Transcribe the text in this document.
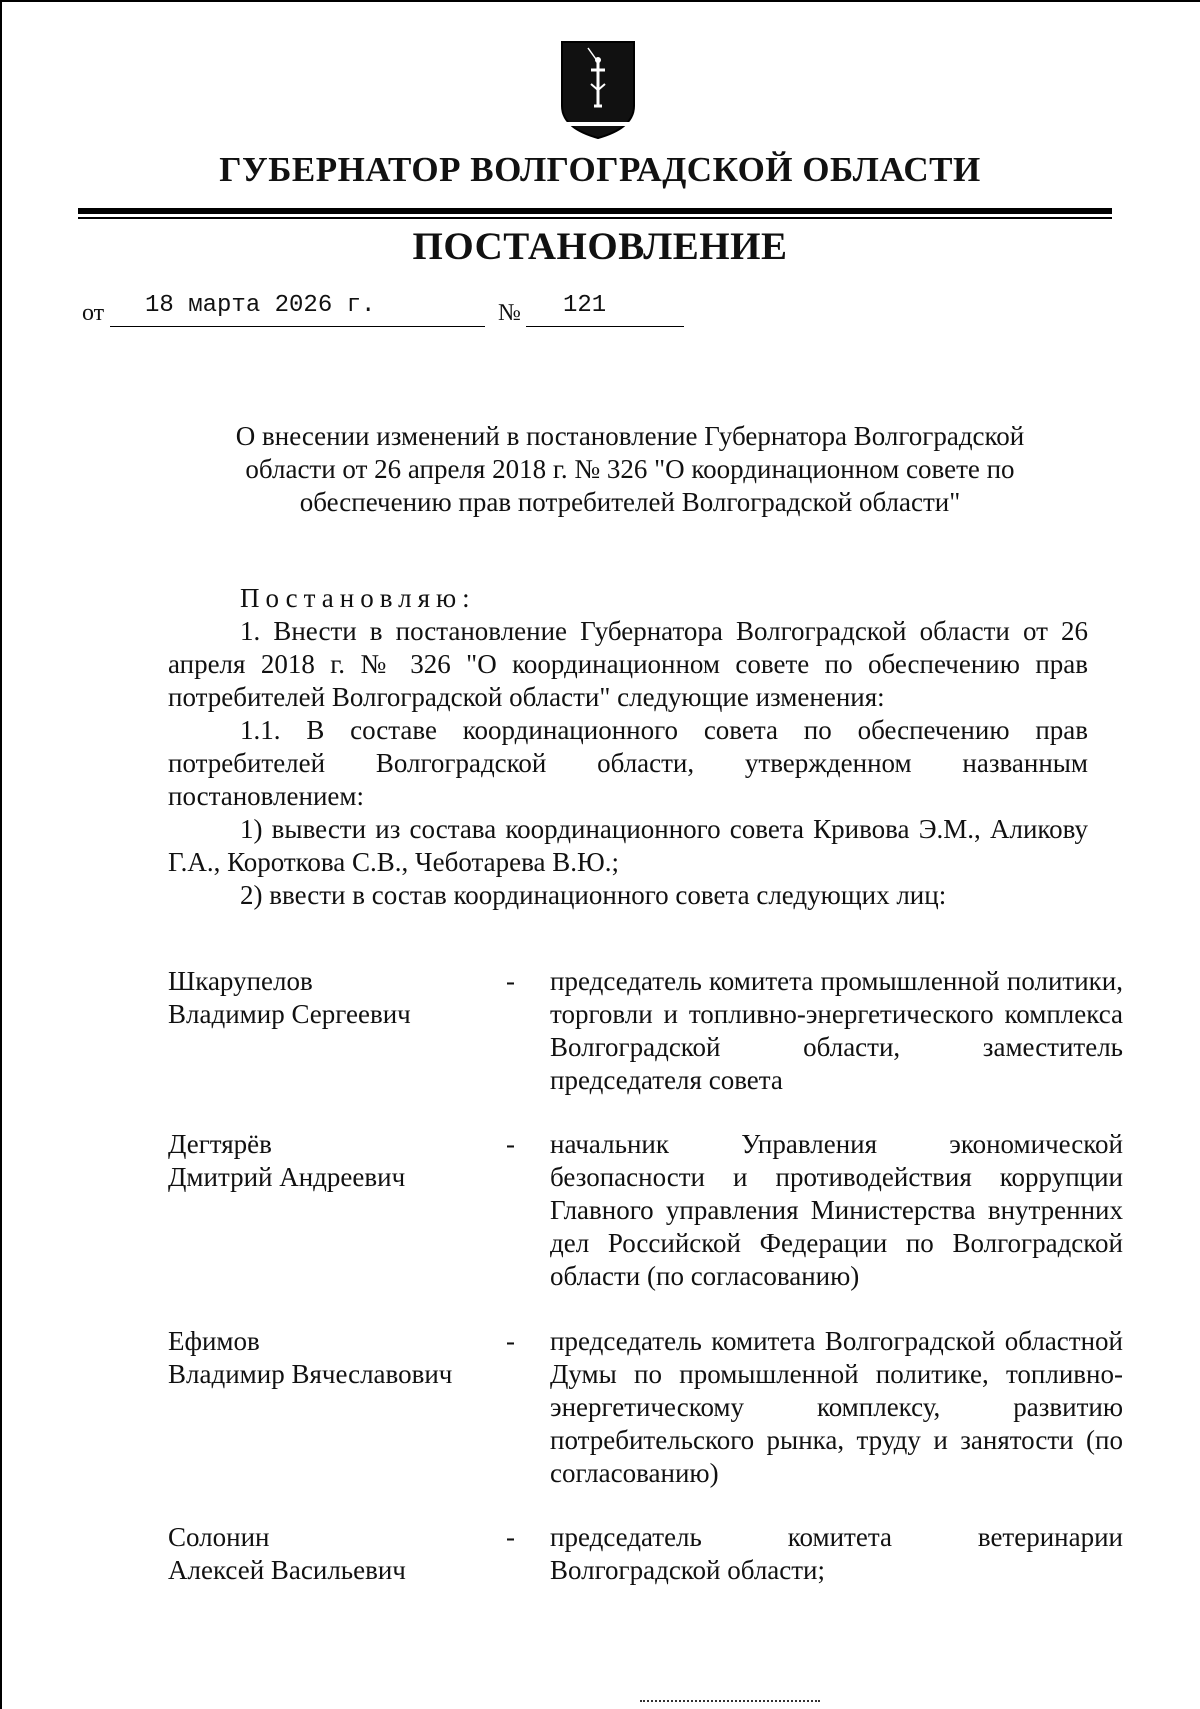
ГУБЕРНАТОР ВОЛГОГРАДСКОЙ ОБЛАСТИ
ПОСТАНОВЛЕНИЕ
от 18 марта 2026 г.	№ 121
О внесении изменений в постановление Губернатора Волгоградской области от 26 апреля 2018 г. № 326 "О координационном совете по обеспечению прав потребителей Волгоградской области"

Постановляю:

1. Внести в постановление Губернатора Волгоградской области от 26 апреля 2018 г. № 326 "О координационном совете по обеспечению прав потребителей Волгоградской области" следующие изменения:

1.1. В составе координационного совета по обеспечению прав потребителей Волгоградской области, утвержденном названным постановлением:

1) вывести из состава координационного совета Кривова Э.М., Аликову Г.А., Короткова С.В., Чеботарева В.Ю.;

2) ввести в состав координационного совета следующих лиц:

Шкарупелов
Владимир Сергеевич
- председатель комитета промышленной политики, торговли и топливно-энергетического комплекса Волгоградской области, заместитель председателя совета
Дегтярёв
Дмитрий Андреевич
- начальник Управления экономической безопасности и противодействия коррупции Главного управления Министерства внутренних дел Российской Федерации по Волгоградской области (по согласованию)
Ефимов
Владимир Вячеславович
- председатель комитета Волгоградской областной Думы по промышленной политике, топливно-энергетическому комплексу, развитию потребительского рынка, труду и занятости (по согласованию)
Солонин
Алексей Васильевич
- председатель комитета ветеринарии Волгоградской области;
